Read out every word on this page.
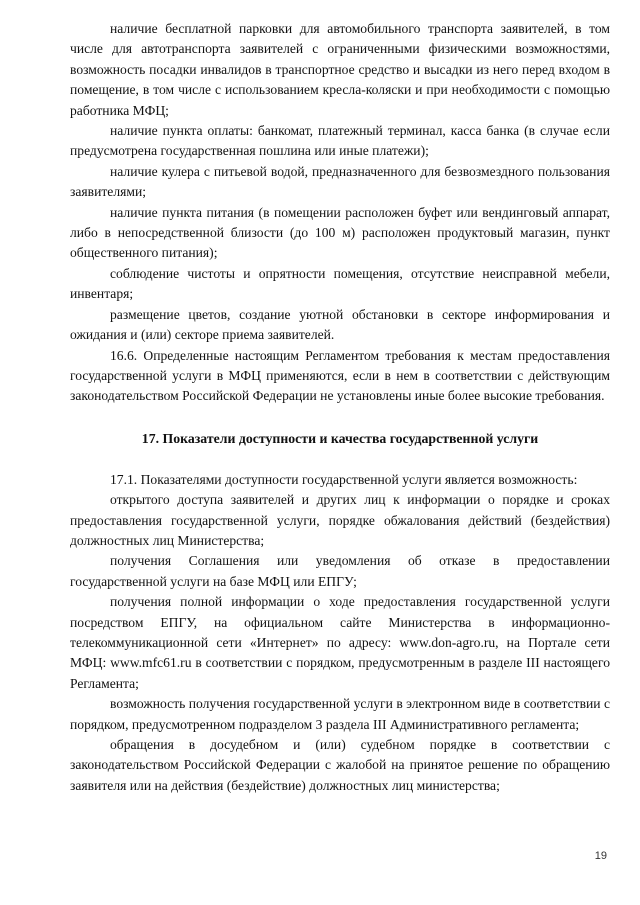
наличие бесплатной парковки для автомобильного транспорта заявителей, в том числе для автотранспорта заявителей с ограниченными физическими возможностями, возможность посадки инвалидов в транспортное средство и высадки из него перед входом в помещение, в том числе с использованием кресла-коляски и при необходимости с помощью работника МФЦ;

наличие пункта оплаты: банкомат, платежный терминал, касса банка (в случае если предусмотрена государственная пошлина или иные платежи);

наличие кулера с питьевой водой, предназначенного для безвозмездного пользования заявителями;

наличие пункта питания (в помещении расположен буфет или вендинговый аппарат, либо в непосредственной близости (до 100 м) расположен продуктовый магазин, пункт общественного питания);

соблюдение чистоты и опрятности помещения, отсутствие неисправной мебели, инвентаря;

размещение цветов, создание уютной обстановки в секторе информирования и ожидания и (или) секторе приема заявителей.

16.6. Определенные настоящим Регламентом требования к местам предоставления государственной услуги в МФЦ применяются, если в нем в соответствии с действующим законодательством Российской Федерации не установлены иные более высокие требования.

17. Показатели доступности и качества государственной услуги

17.1. Показателями доступности государственной услуги является возможность:

открытого доступа заявителей и других лиц к информации о порядке и сроках предоставления государственной услуги, порядке обжалования действий (бездействия) должностных лиц Министерства;

получения Соглашения или уведомления об отказе в предоставлении государственной услуги на базе МФЦ или ЕПГУ;

получения полной информации о ходе предоставления государственной услуги посредством ЕПГУ, на официальном сайте Министерства в информационно-телекоммуникационной сети «Интернет» по адресу: www.don-agro.ru, на Портале сети МФЦ: www.mfc61.ru в соответствии с порядком, предусмотренным в разделе III настоящего Регламента;

возможность получения государственной услуги в электронном виде в соответствии с порядком, предусмотренном подразделом 3 раздела III Административного регламента;

обращения в досудебном и (или) судебном порядке в соответствии с законодательством Российской Федерации с жалобой на принятое решение по обращению заявителя или на действия (бездействие) должностных лиц министерства;

19
